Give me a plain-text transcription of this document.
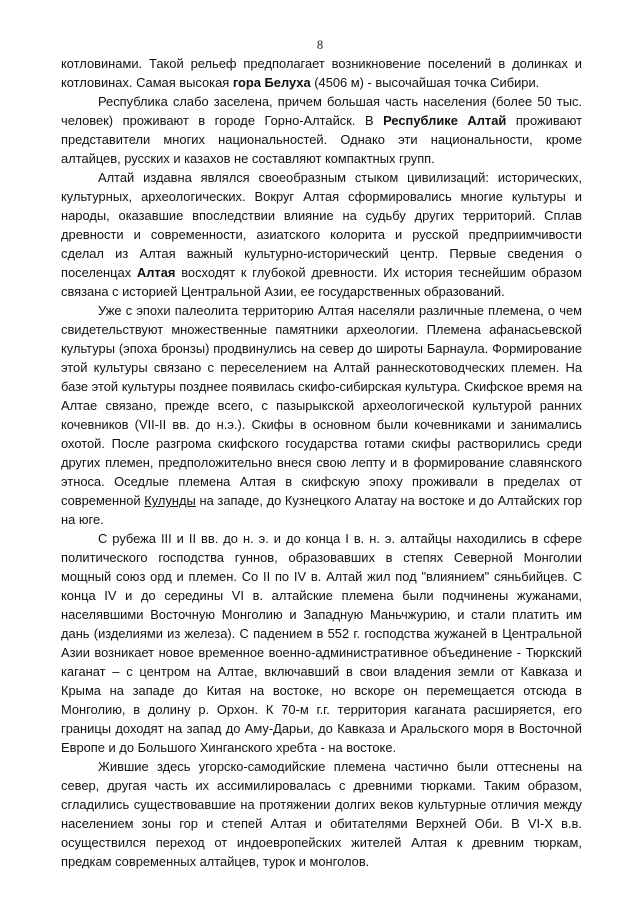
8

котловинами. Такой рельеф предполагает возникновение поселений в долинках и котловинах. Самая высокая гора Белуха (4506 м) - высочайшая точка Сибири.

Республика слабо заселена, причем большая часть населения (более 50 тыс. человек) проживают в городе Горно-Алтайск. В Республике Алтай проживают представители многих национальностей. Однако эти национальности, кроме алтайцев, русских и казахов не составляют компактных групп.

Алтай издавна являлся своеобразным стыком цивилизаций: исторических, культурных, археологических. Вокруг Алтая сформировались многие культуры и народы, оказавшие впоследствии влияние на судьбу других территорий. Сплав древности и современности, азиатского колорита и русской предприимчивости сделал из Алтая важный культурно-исторический центр. Первые сведения о поселенцах Алтая восходят к глубокой древности. Их история теснейшим образом связана с историей Центральной Азии, ее государственных образований.

Уже с эпохи палеолита территорию Алтая населяли различные племена, о чем свидетельствуют множественные памятники археологии. Племена афанасьевской культуры (эпоха бронзы) продвинулись на север до широты Барнаула. Формирование этой культуры связано с переселением на Алтай раннескотоводческих племен. На базе этой культуры позднее появилась скифо-сибирская культура. Скифское время на Алтае связано, прежде всего, с пазырыкской археологической культурой ранних кочевников (VII-II вв. до н.э.). Скифы в основном были кочевниками и занимались охотой. После разгрома скифского государства готами скифы растворились среди других племен, предположительно внеся свою лепту и в формирование славянского этноса. Оседлые племена Алтая в скифскую эпоху проживали в пределах от современной Кулунды на западе, до Кузнецкого Алатау на востоке и до Алтайских гор на юге.

С рубежа III и II вв. до н. э. и до конца I в. н. э. алтайцы находились в сфере политического господства гуннов, образовавших в степях Северной Монголии мощный союз орд и племен. Со II по IV в. Алтай жил под "влиянием" сяньбийцев. С конца IV и до середины VI в. алтайские племена были подчинены жужанами, населявшими Восточную Монголию и Западную Маньчжурию, и стали платить им дань (изделиями из железа). С падением в 552 г. господства жужаней в Центральной Азии возникает новое временное военно-административное объединение - Тюркский каганат – с центром на Алтае, включавший в свои владения земли от Кавказа и Крыма на западе до Китая на востоке, но вскоре он перемещается отсюда в Монголию, в долину р. Орхон. К 70-м г.г. территория каганата расширяется, его границы доходят на запад до Аму-Дарьи, до Кавказа и Аральского моря в Восточной Европе и до Большого Хинганского хребта - на востоке.

Жившие здесь угорско-самодийские племена частично были оттеснены на север, другая часть их ассимилировалась с древними тюрками. Таким образом, сгладились существовавшие на протяжении долгих веков культурные отличия между населением зоны гор и степей Алтая и обитателями Верхней Оби. В VI-X в.в. осуществился переход от индоевропейских жителей Алтая к древним тюркам, предкам современных алтайцев, турок и монголов.
